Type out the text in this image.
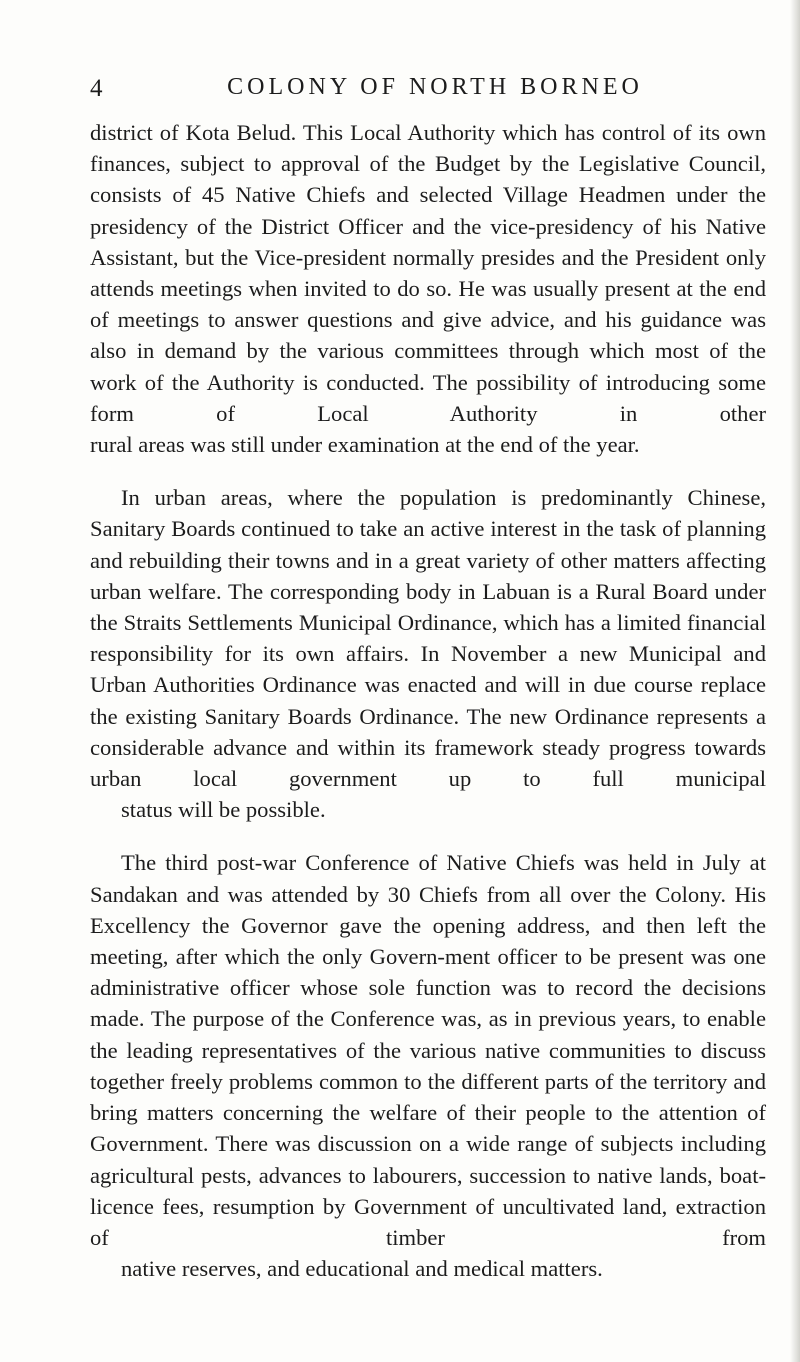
4	COLONY OF NORTH BORNEO

district of Kota Belud. This Local Authority which has control of its own finances, subject to approval of the Budget by the Legislative Council, consists of 45 Native Chiefs and selected Village Headmen under the presidency of the District Officer and the vice-presidency of his Native Assistant, but the Vice-president normally presides and the President only attends meetings when invited to do so. He was usually present at the end of meetings to answer questions and give advice, and his guidance was also in demand by the various committees through which most of the work of the Authority is conducted. The possibility of introducing some form of Local Authority in other
rural areas was still under examination at the end of the year.

In urban areas, where the population is predominantly Chinese, Sanitary Boards continued to take an active interest in the task of planning and rebuilding their towns and in a great variety of other matters affecting urban welfare. The corresponding body in Labuan is a Rural Board under the Straits Settlements Municipal Ordinance, which has a limited financial responsibility for its own affairs. In November a new Municipal and Urban Authorities Ordinance was enacted and will in due course replace the existing Sanitary Boards Ordinance. The new Ordinance represents a considerable advance and within its framework steady progress towards urban local government up to full municipal
status will be possible.

The third post-war Conference of Native Chiefs was held in July at Sandakan and was attended by 30 Chiefs from all over the Colony. His Excellency the Governor gave the opening address, and then left the meeting, after which the only Govern-ment officer to be present was one administrative officer whose sole function was to record the decisions made. The purpose of the Conference was, as in previous years, to enable the leading representatives of the various native communities to discuss together freely problems common to the different parts of the territory and bring matters concerning the welfare of their people to the attention of Government. There was discussion on a wide range of subjects including agricultural pests, advances to labourers, succession to native lands, boat-licence fees, resumption by Government of uncultivated land, extraction of timber from
native reserves, and educational and medical matters.
